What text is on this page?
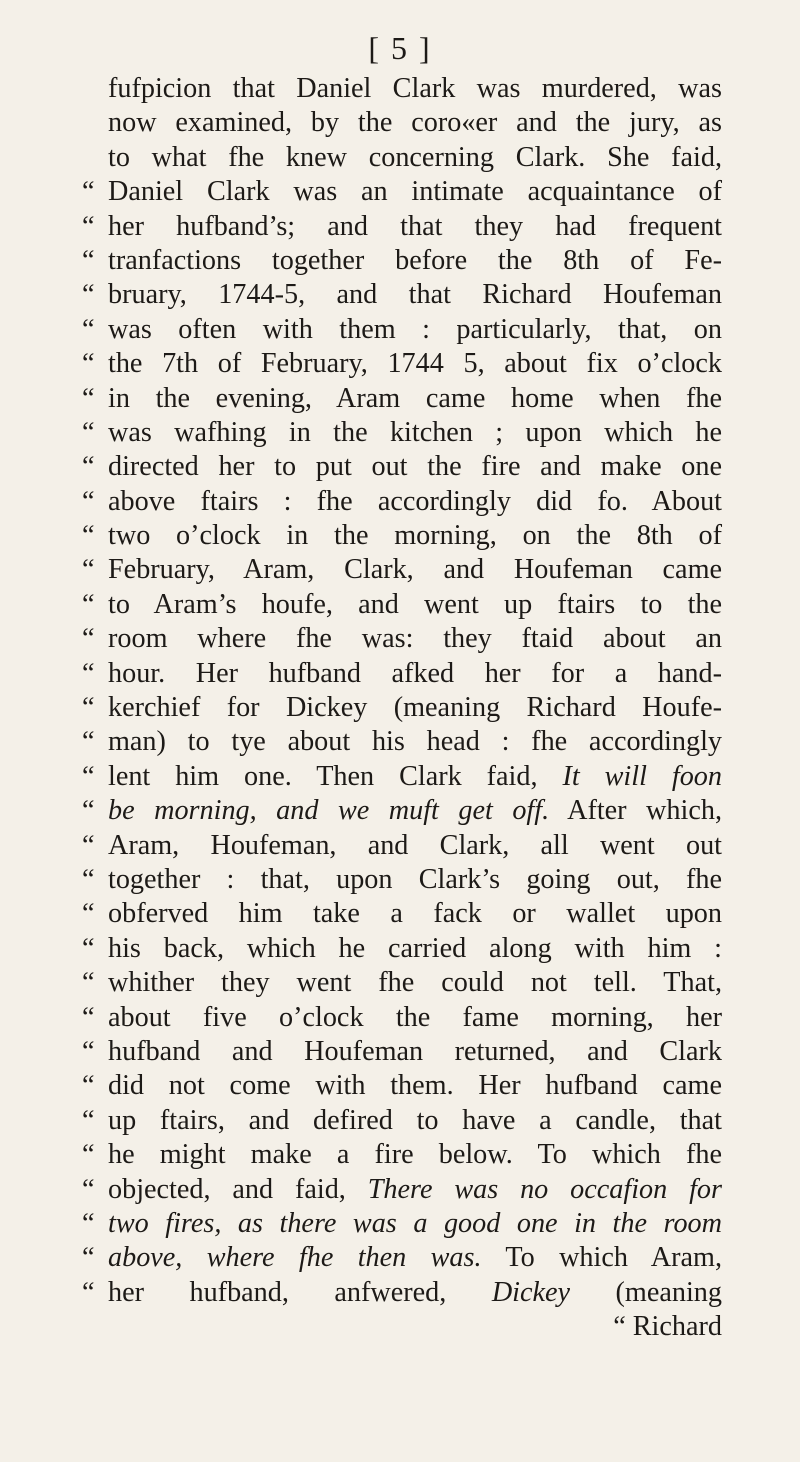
[ 5 ]
fufpicion that Daniel Clark was murdered, was
now examined, by the coro«er and the jury, as
to what fhe knew concerning Clark. She faid,
“ Daniel Clark was an intimate acquaintance of
“ her hufband’s; and that they had frequent
“ tranfactions together before the 8th of Fe-
“ bruary, 1744-5, and that Richard Houfeman
“ was often with them : particularly, that, on
“ the 7th of February, 1744 5, about fix o’clock
“ in the evening, Aram came home when fhe
“ was wafhing in the kitchen ; upon which he
“ directed her to put out the fire and make one
“ above ftairs : fhe accordingly did fo. About
“ two o’clock in the morning, on the 8th of
“ February, Aram, Clark, and Houfeman came
“ to Aram’s houfe, and went up ftairs to the
“ room where fhe was: they ftaid about an
“ hour. Her hufband afked her for a hand-
“ kerchief for Dickey (meaning Richard Houfe-
“ man) to tye about his head : fhe accordingly
“ lent him one. Then Clark faid, It will foon
“ be morning, and we muft get off. After which,
“ Aram, Houfeman, and Clark, all went out
“ together : that, upon Clark’s going out, fhe
“ obferved him take a fack or wallet upon
“ his back, which he carried along with him :
“ whither they went fhe could not tell. That,
“ about five o’clock the fame morning, her
“ hufband and Houfeman returned, and Clark
“ did not come with them. Her hufband came
“ up ftairs, and defired to have a candle, that
“ he might make a fire below. To which fhe
“ objected, and faid, There was no occafion for
“ two fires, as there was a good one in the room
“ above, where fhe then was. To which Aram,
“ her hufband, anfwered, Dickey (meaning
“ Richard
